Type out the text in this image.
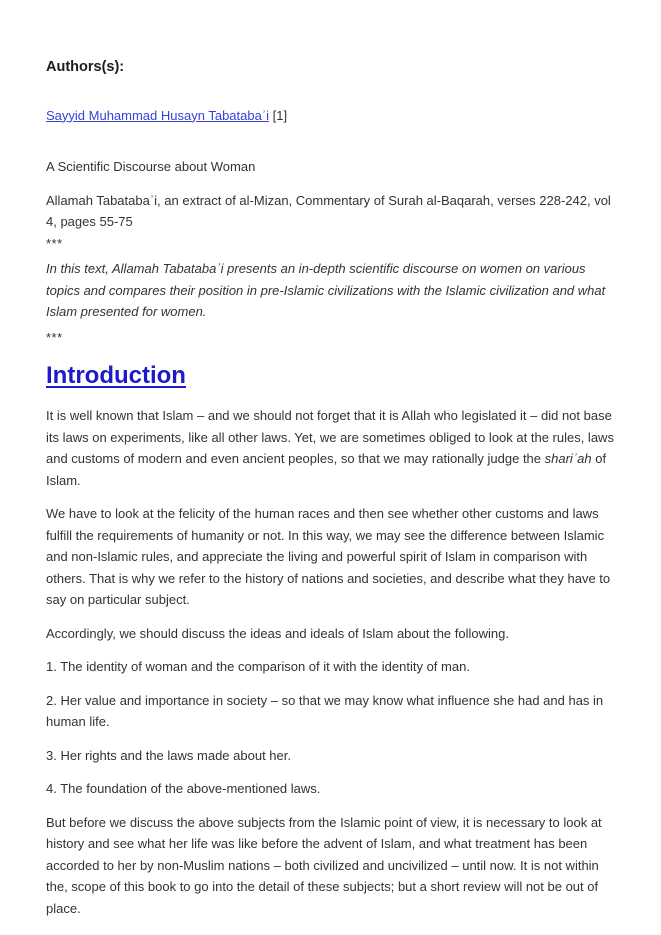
Authors(s):

Sayyid Muhammad Husayn Tabatabaʾi [1]

A Scientific Discourse about Woman

Allamah Tabatabaʾi, an extract of al-Mizan, Commentary of Surah al-Baqarah, verses 228-242, vol 4, pages 55-75

***

In this text, Allamah Tabatabaʾi presents an in-depth scientific discourse on women on various topics and compares their position in pre-Islamic civilizations with the Islamic civilization and what Islam presented for women.

***

Introduction

It is well known that Islam – and we should not forget that it is Allah who legislated it – did not base its laws on experiments, like all other laws. Yet, we are sometimes obliged to look at the rules, laws and customs of modern and even ancient peoples, so that we may rationally judge the shariʾah of Islam.

We have to look at the felicity of the human races and then see whether other customs and laws fulfill the requirements of humanity or not. In this way, we may see the difference between Islamic and non-Islamic rules, and appreciate the living and powerful spirit of Islam in comparison with others. That is why we refer to the history of nations and societies, and describe what they have to say on particular subject.

Accordingly, we should discuss the ideas and ideals of Islam about the following.

1. The identity of woman and the comparison of it with the identity of man.

2. Her value and importance in society – so that we may know what influence she had and has in human life.

3. Her rights and the laws made about her.

4. The foundation of the above-mentioned laws.

But before we discuss the above subjects from the Islamic point of view, it is necessary to look at history and see what her life was like before the advent of Islam, and what treatment has been accorded to her by non-Muslim nations – both civilized and uncivilized – until now. It is not within the, scope of this book to go into the detail of these subjects; but a short review will not be out of place.
